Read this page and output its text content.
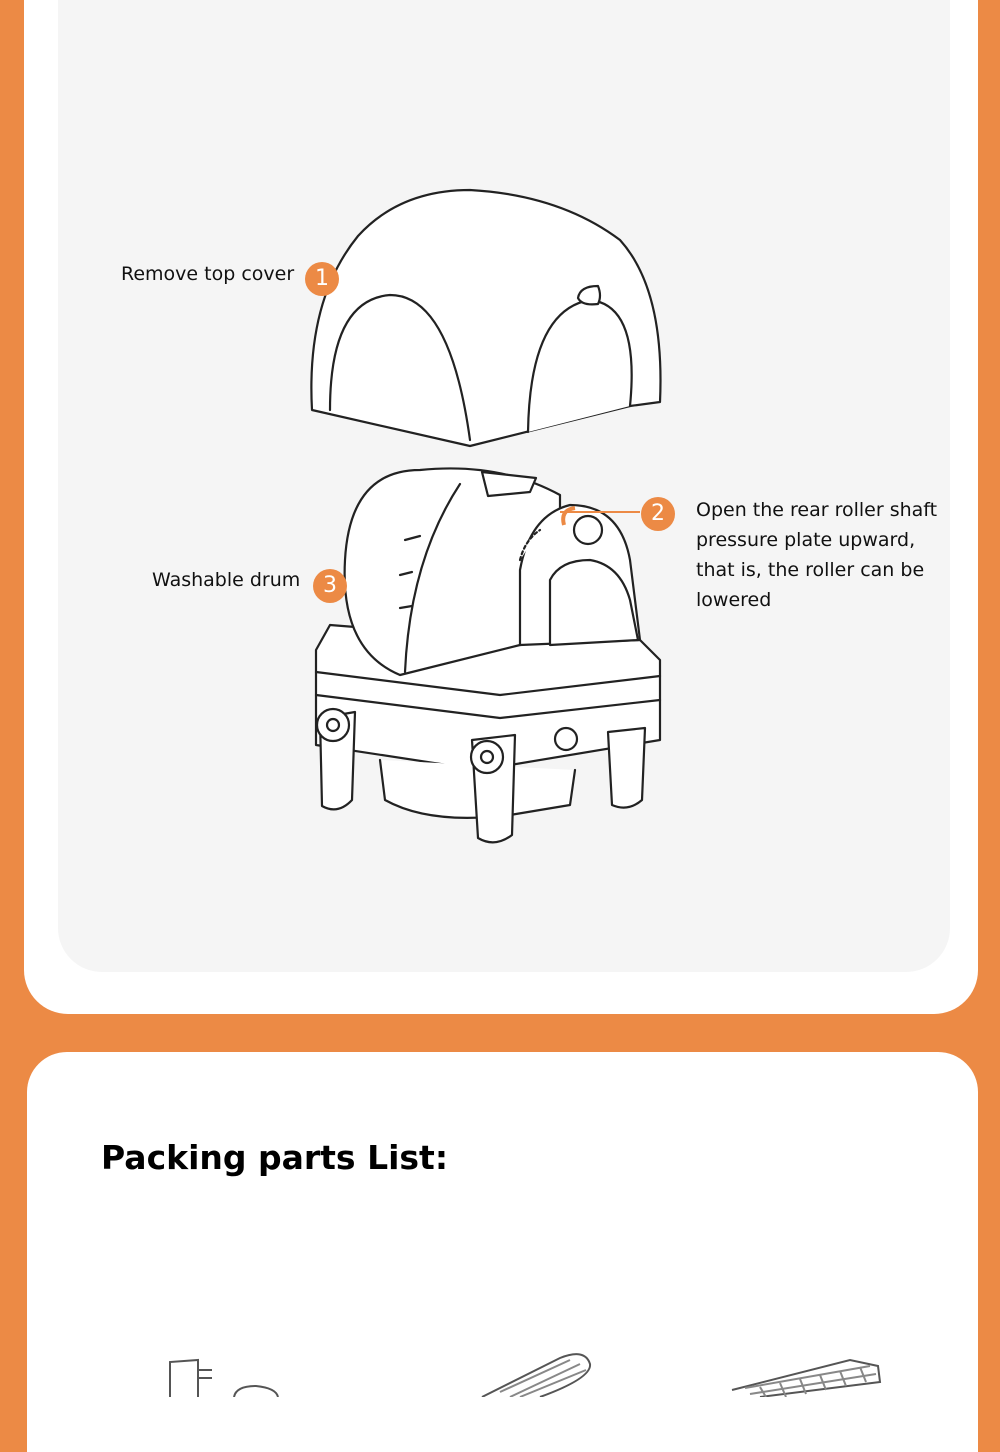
Remove top cover 1
2	Open the rear roller shaft
pressure plate upward,
that is, the roller can be
lowered
Washable drum	3
Packing parts List:
